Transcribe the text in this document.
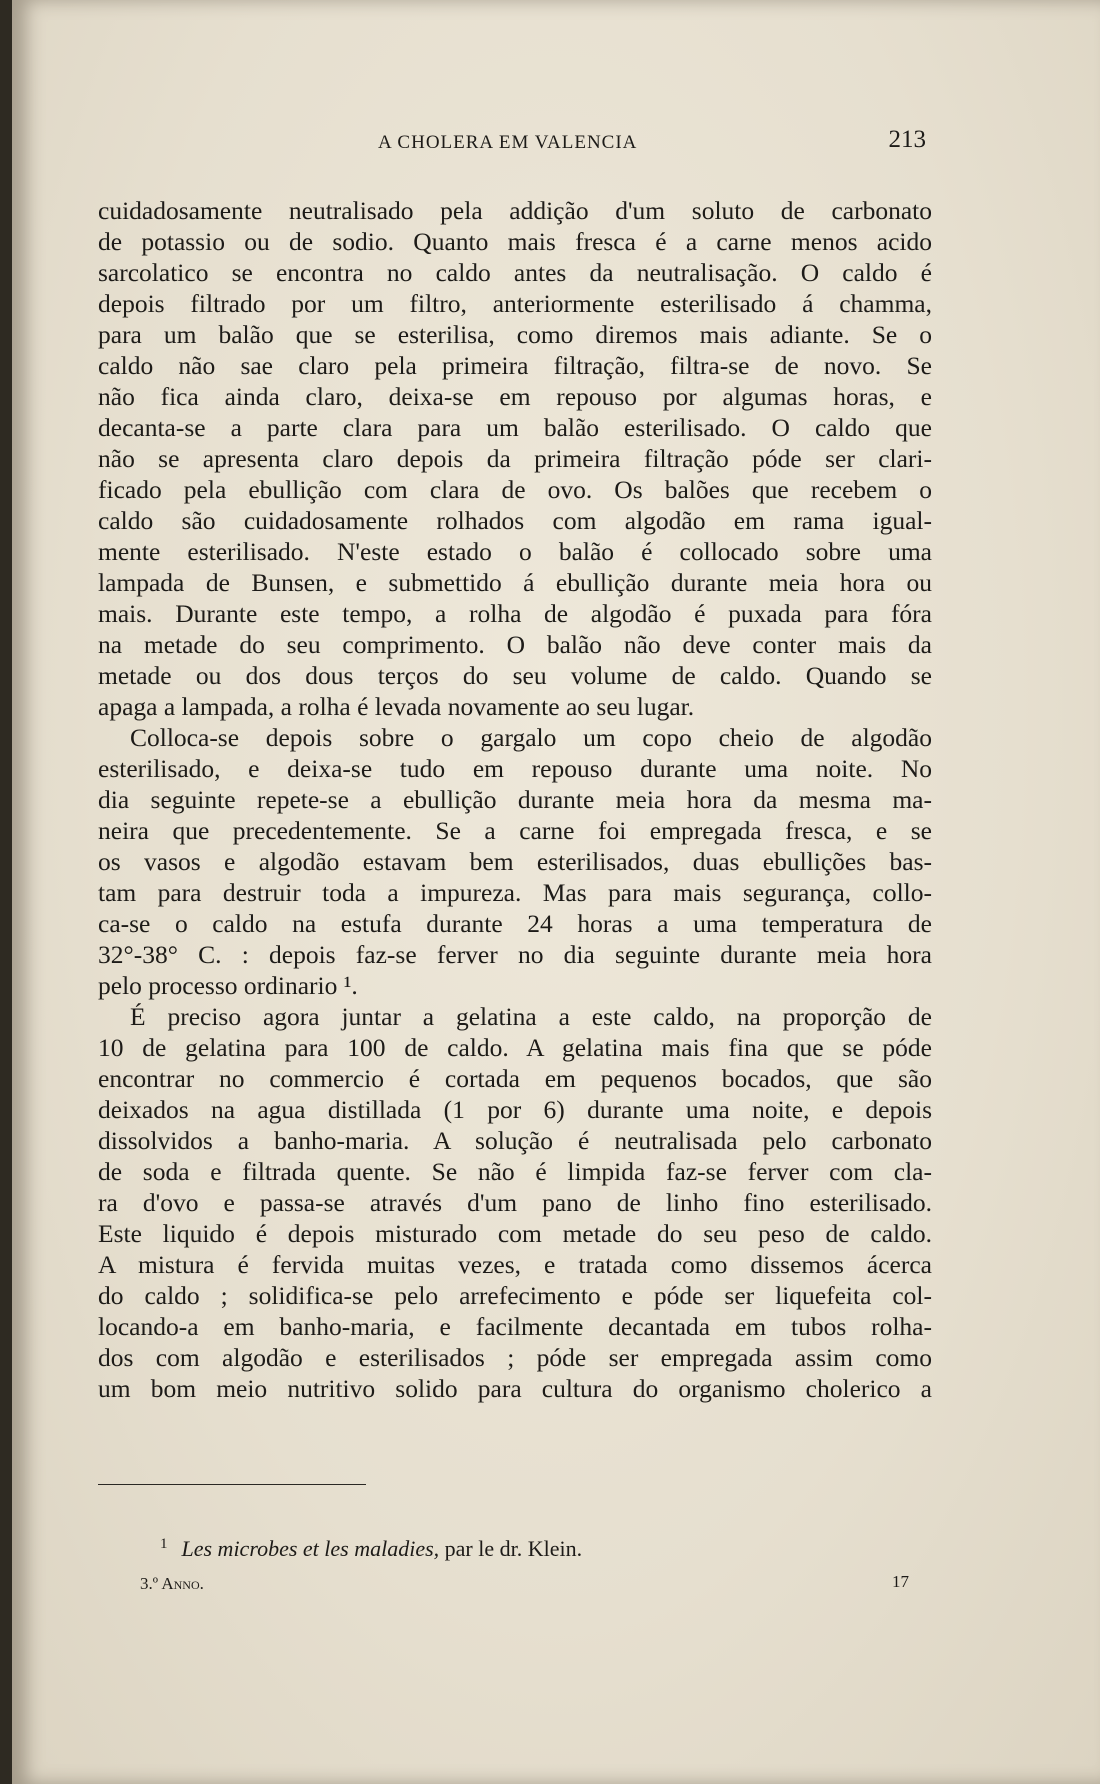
A CHOLERA EM VALENCIA	213
cuidadosamente neutralisado pela addição d'um soluto de carbonato
de potassio ou de sodio. Quanto mais fresca é a carne menos acido
sarcolatico se encontra no caldo antes da neutralisação. O caldo é
depois filtrado por um filtro, anteriormente esterilisado á chamma,
para um balão que se esterilisa, como diremos mais adiante. Se o
caldo não sae claro pela primeira filtração, filtra-se de novo. Se
não fica ainda claro, deixa-se em repouso por algumas horas, e
decanta-se a parte clara para um balão esterilisado. O caldo que
não se apresenta claro depois da primeira filtração póde ser clari-
ficado pela ebullição com clara de ovo. Os balões que recebem o
caldo são cuidadosamente rolhados com algodão em rama igual-
mente esterilisado. N'este estado o balão é collocado sobre uma
lampada de Bunsen, e submettido á ebullição durante meia hora ou
mais. Durante este tempo, a rolha de algodão é puxada para fóra
na metade do seu comprimento. O balão não deve conter mais da
metade ou dos dous terços do seu volume de caldo. Quando se
apaga a lampada, a rolha é levada novamente ao seu lugar.
Colloca-se depois sobre o gargalo um copo cheio de algodão
esterilisado, e deixa-se tudo em repouso durante uma noite. No
dia seguinte repete-se a ebullição durante meia hora da mesma ma-
neira que precedentemente. Se a carne foi empregada fresca, e se
os vasos e algodão estavam bem esterilisados, duas ebullições bas-
tam para destruir toda a impureza. Mas para mais segurança, collo-
ca-se o caldo na estufa durante 24 horas a uma temperatura de
32°-38° C. : depois faz-se ferver no dia seguinte durante meia hora
pelo processo ordinario ¹.
É preciso agora juntar a gelatina a este caldo, na proporção de
10 de gelatina para 100 de caldo. A gelatina mais fina que se póde
encontrar no commercio é cortada em pequenos bocados, que são
deixados na agua distillada (1 por 6) durante uma noite, e depois
dissolvidos a banho-maria. A solução é neutralisada pelo carbonato
de soda e filtrada quente. Se não é limpida faz-se ferver com cla-
ra d'ovo e passa-se através d'um pano de linho fino esterilisado.
Este liquido é depois misturado com metade do seu peso de caldo.
A mistura é fervida muitas vezes, e tratada como dissemos ácerca
do caldo ; solidifica-se pelo arrefecimento e póde ser liquefeita col-
locando-a em banho-maria, e facilmente decantada em tubos rolha-
dos com algodão e esterilisados ; póde ser empregada assim como
um bom meio nutritivo solido para cultura do organismo cholerico a
$^1$ Les microbes et les maladies, par le dr. Klein.
3.º Anno.	17
